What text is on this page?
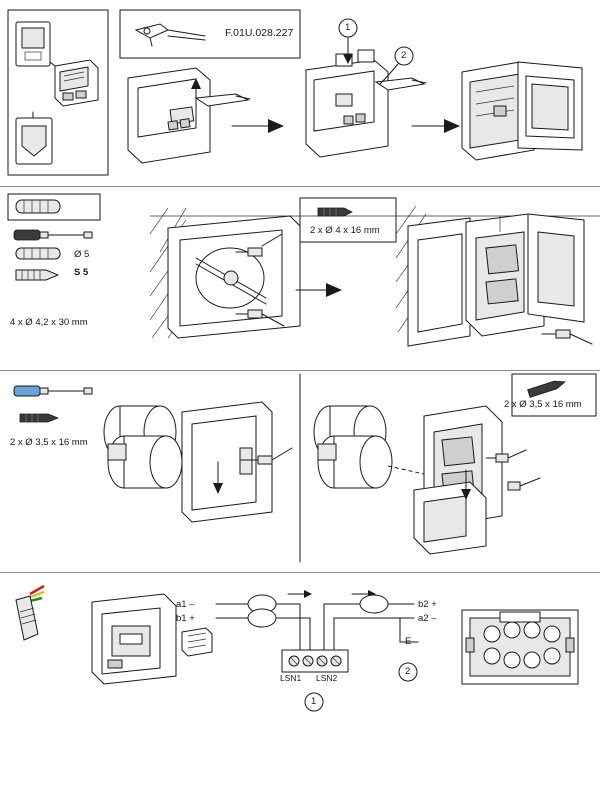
F.01U.028.227	1
2
Ø 5
S 5
4 x Ø 4,2 x 30 mm
2 x Ø 4 x 16 mm
2 x Ø 3,5 x 16 mm
2 x Ø 3,5 x 16 mm
a1 –
b1 +
b2 +
a2 –
E
LSN1 LSN2
1
2
